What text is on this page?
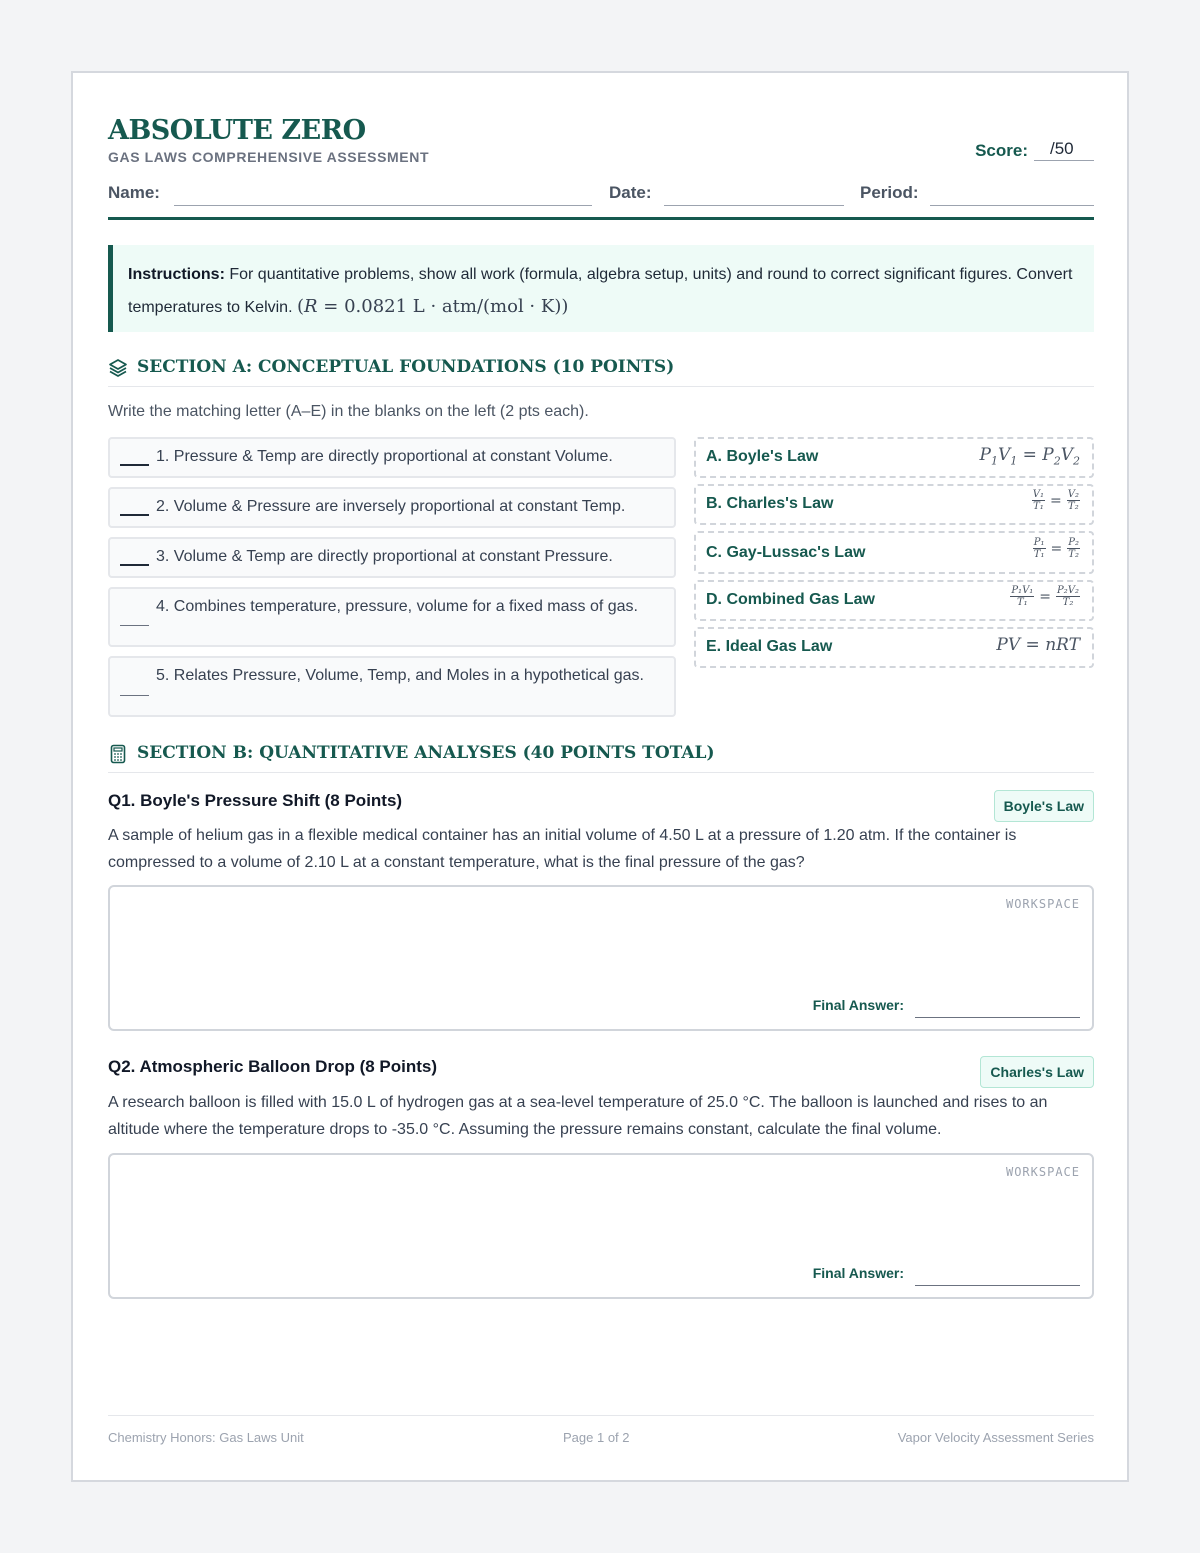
ABSOLUTE ZERO
GAS LAWS COMPREHENSIVE ASSESSMENT	Score:	/50
Name:	Date:	Period:
Instructions: For quantitative problems, show all work (formula, algebra setup, units) and round to correct significant figures. Convert temperatures to Kelvin. (R = 0.0821 L · atm/(mol · K))
SECTION A: CONCEPTUAL FOUNDATIONS (10 POINTS)
Write the matching letter (A–E) in the blanks on the left (2 pts each).
1. Pressure & Temp are directly proportional at constant Volume.
2. Volume & Pressure are inversely proportional at constant Temp.
3. Volume & Temp are directly proportional at constant Pressure.
4. Combines temperature, pressure, volume for a fixed mass of gas.
5. Relates Pressure, Volume, Temp, and Moles in a hypothetical gas.
A. Boyle's Law	$P_1V_1 = P_2V_2$
B. Charles's Law	$\frac{\text{V₁}}{\text{T₁}} = \frac{\text{V₂}}{\text{T₂}}$
C. Gay-Lussac's Law	$\frac{\text{P₁}}{\text{T₁}} = \frac{\text{P₂}}{\text{T₂}}$
D. Combined Gas Law	$\frac{\text{P₁V₁}}{\text{T₁}} = \frac{\text{P₂V₂}}{\text{T₂}}$
E. Ideal Gas Law	PV = nRT
SECTION B: QUANTITATIVE ANALYSES (40 POINTS TOTAL)
Q1. Boyle's Pressure Shift (8 Points)	Boyle's Law
A sample of helium gas in a flexible medical container has an initial volume of 4.50 L at a pressure of 1.20 atm. If the container is compressed to a volume of 2.10 L at a constant temperature, what is the final pressure of the gas?
WORKSPACE
Final Answer:
Q2. Atmospheric Balloon Drop (8 Points)	Charles's Law
A research balloon is filled with 15.0 L of hydrogen gas at a sea-level temperature of 25.0 °C. The balloon is launched and rises to an altitude where the temperature drops to -35.0 °C. Assuming the pressure remains constant, calculate the final volume.
WORKSPACE
Final Answer:
Chemistry Honors: Gas Laws Unit	Page 1 of 2	Vapor Velocity Assessment Series
